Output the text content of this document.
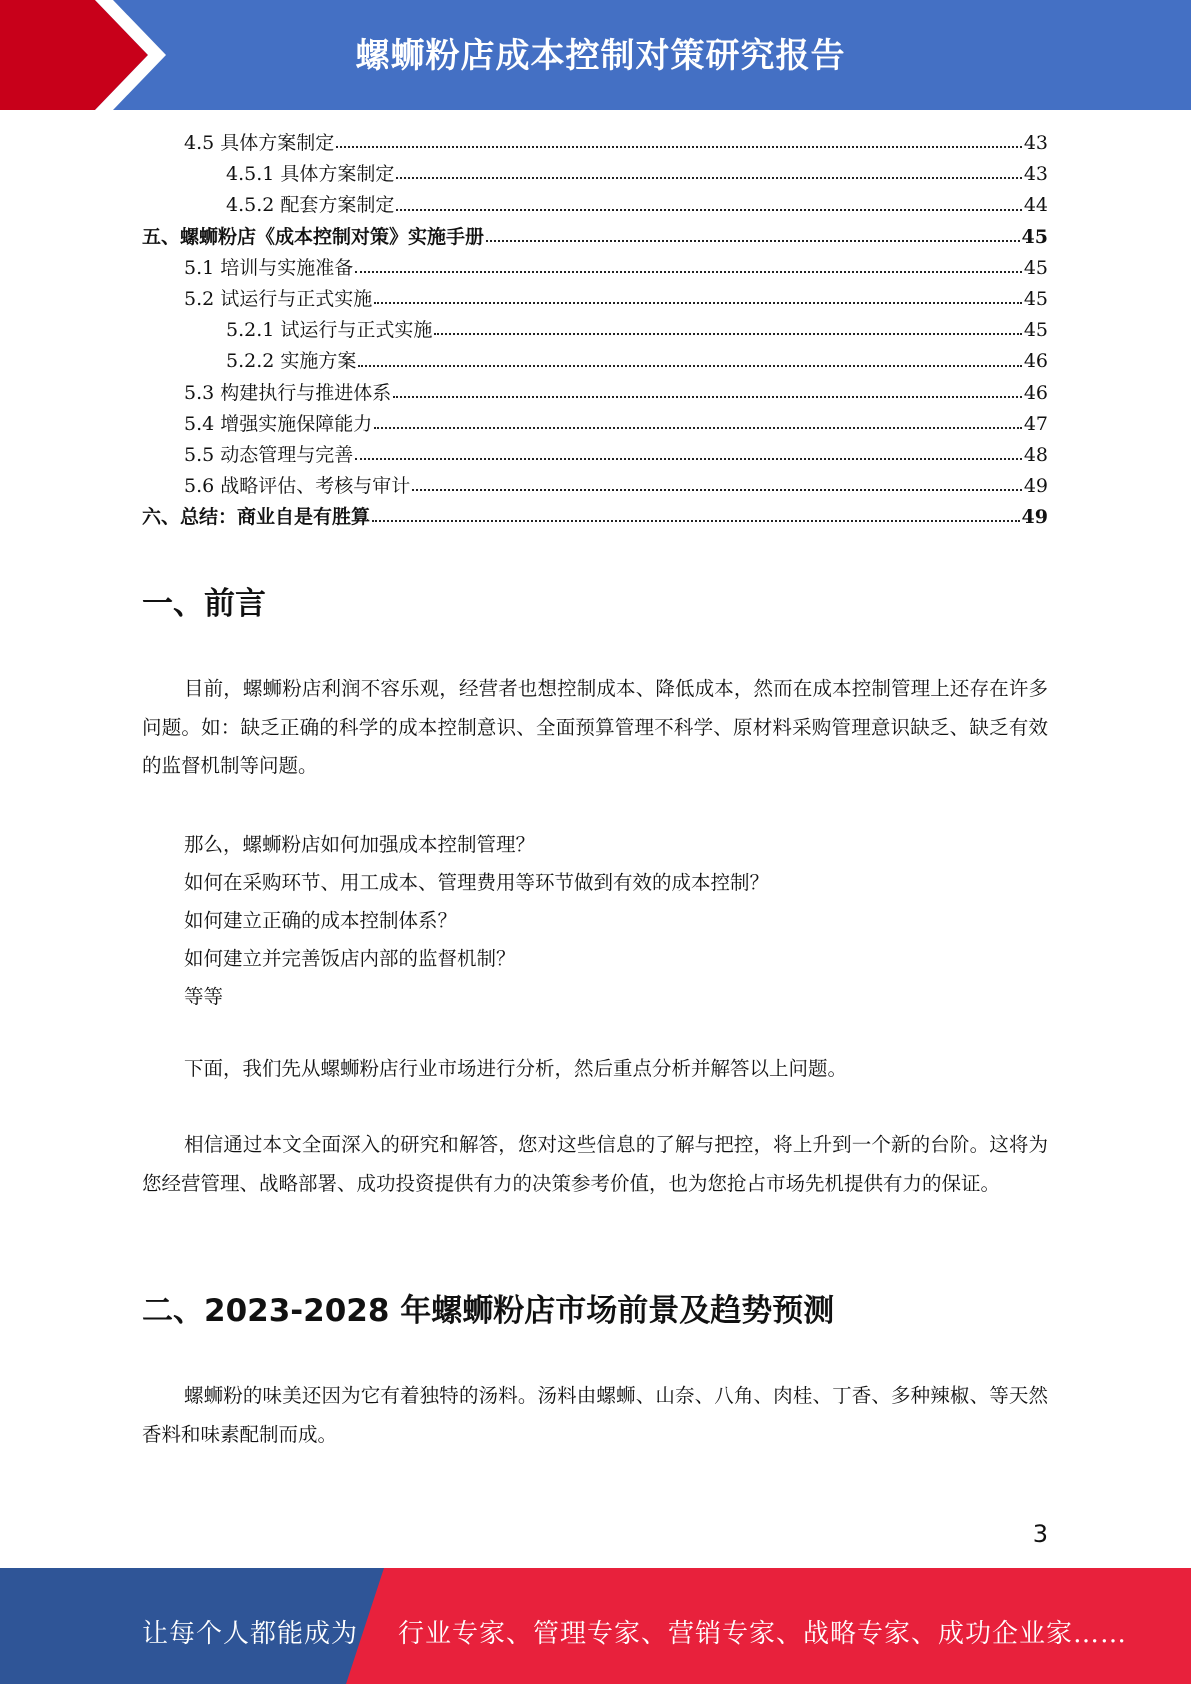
螺蛳粉店成本控制对策研究报告
4.5 具体方案制定	43
4.5.1 具体方案制定	43
4.5.2 配套方案制定	44
五、螺蛳粉店《成本控制对策》实施手册	45
5.1 培训与实施准备	45
5.2 试运行与正式实施	45
5.2.1 试运行与正式实施	45
5.2.2 实施方案	46
5.3 构建执行与推进体系	46
5.4 增强实施保障能力	47
5.5 动态管理与完善	48
5.6 战略评估、考核与审计	49
六、总结：商业自是有胜算	49
一、前言

目前，螺蛳粉店利润不容乐观，经营者也想控制成本、降低成本，然而在成本控制管理上还存在许多问题。如：缺乏正确的科学的成本控制意识、全面预算管理不科学、原材料采购管理意识缺乏、缺乏有效的监督机制等问题。

那么，螺蛳粉店如何加强成本控制管理？

如何在采购环节、用工成本、管理费用等环节做到有效的成本控制？

如何建立正确的成本控制体系？

如何建立并完善饭店内部的监督机制？

等等

下面，我们先从螺蛳粉店行业市场进行分析，然后重点分析并解答以上问题。

相信通过本文全面深入的研究和解答，您对这些信息的了解与把控，将上升到一个新的台阶。这将为您经营管理、战略部署、成功投资提供有力的决策参考价值，也为您抢占市场先机提供有力的保证。

二、2023-2028 年螺蛳粉店市场前景及趋势预测

螺蛳粉的味美还因为它有着独特的汤料。汤料由螺蛳、山奈、八角、肉桂、丁香、多种辣椒、等天然香料和味素配制而成。

3
让每个人都能成为 行业专家、管理专家、营销专家、战略专家、成功企业家……
